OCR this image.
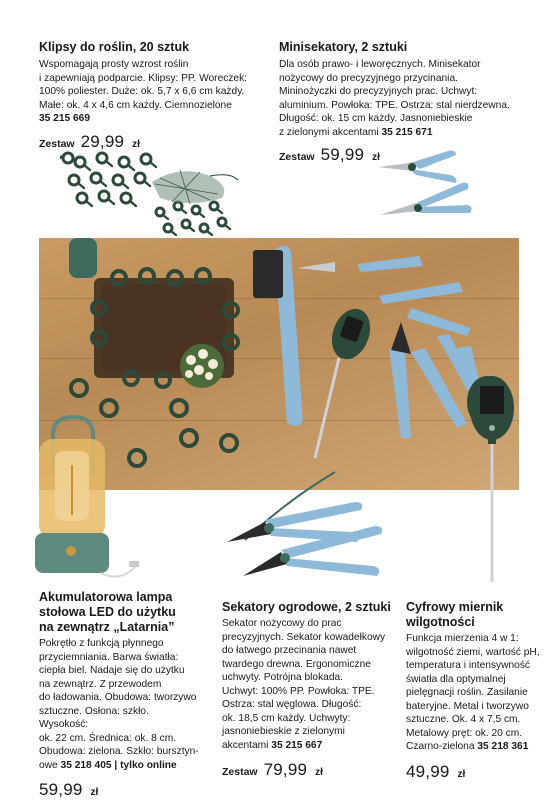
Klipsy do roślin, 20 sztuk

Wspomagają prosty wzrost roślin
i zapewniają podparcie. Klipsy: PP. Woreczek:
100% poliester. Duże: ok. 5,7 x 6,6 cm każdy.
Małe: ok. 4 x 4,6 cm każdy. Ciemnozielone
35 215 669

Zestaw 29,99 zł

Minisekatory, 2 sztuki

Dla osób prawo- i leworęcznych. Minisekator
nożycowy do precyzyjnego przycinania.
Mininożyczki do precyzyjnych prac. Uchwyt:
aluminium. Powłoka: TPE. Ostrza: stal nierdzewna.
Długość: ok. 15 cm każdy. Jasnoniebieskie
z zielonymi akcentami 35 215 671

Zestaw 59,99 zł

Akumulatorowa lampa
stołowa LED do użytku
na zewnątrz „Latarnia”

Pokrętło z funkcją płynnego
przyciemniania. Barwa światła:
ciepła biel. Nadaje się do użytku
na zewnątrz. Z przewodem
do ładowania. Obudowa: tworzywo
sztuczne. Osłona: szkło. Wysokość:
ok. 22 cm. Średnica: ok. 8 cm.
Obudowa: zielona. Szkło: bursztyn-
owe 35 218 405 | tylko online

59,99 zł

Sekatory ogrodowe, 2 sztuki

Sekator nożycowy do prac
precyzyjnych. Sekator kowadełkowy
do łatwego przecinania nawet
twardego drewna. Ergonomiczne
uchwyty. Potrójna blokada.
Uchwyt: 100% PP. Powłoka: TPE.
Ostrza: stal węglowa. Długość:
ok. 18,5 cm każdy. Uchwyty:
jasnoniebieskie z zielonymi
akcentami 35 215 667

Zestaw 79,99 zł

Cyfrowy miernik
wilgotności

Funkcja mierzenia 4 w 1:
wilgotność ziemi, wartość pH,
temperatura i intensywność
światła dla optymalnej
pielęgnacji roślin. Zasilanie
bateryjne. Metal i tworzywo
sztuczne. Ok. 4 x 7,5 cm.
Metalowy pręt: ok. 20 cm.
Czarno-zielona 35 218 361

49,99 zł
